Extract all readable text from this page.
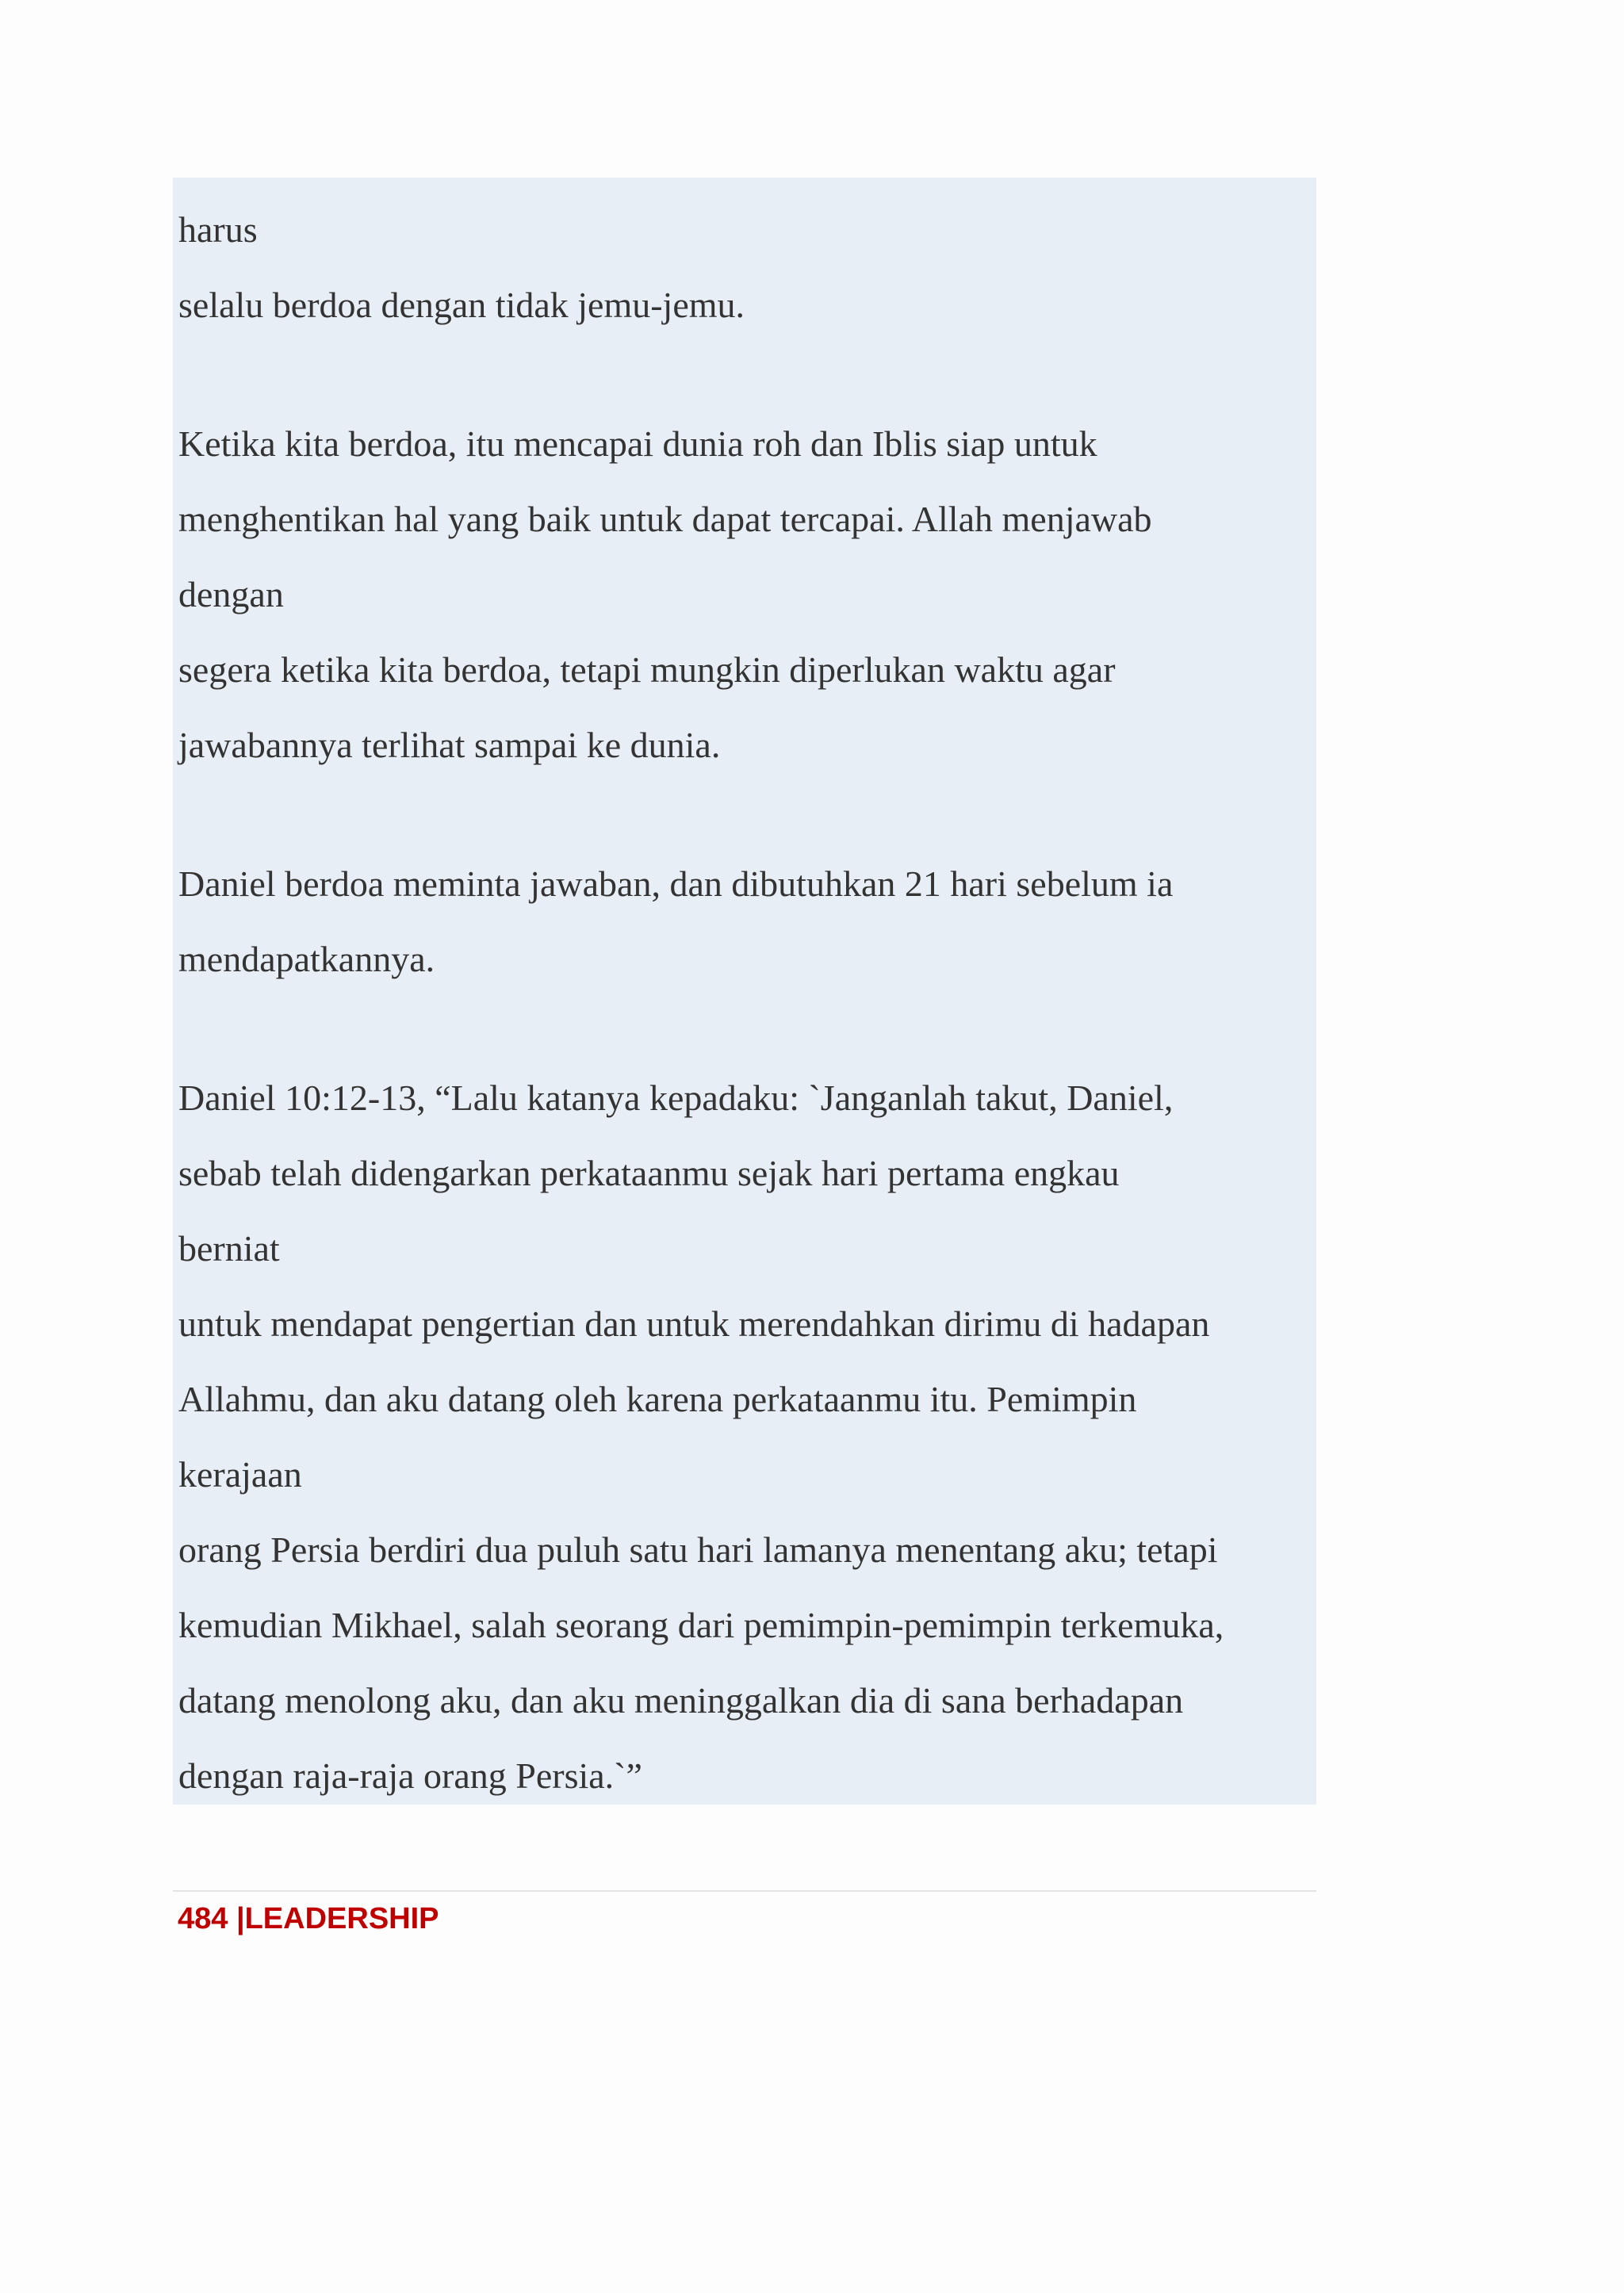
harus

selalu berdoa dengan tidak jemu-jemu.

Ketika kita berdoa, itu mencapai dunia roh dan Iblis siap untuk

menghentikan hal yang baik untuk dapat tercapai. Allah menjawab

dengan

segera ketika kita berdoa, tetapi mungkin diperlukan waktu agar

jawabannya terlihat sampai ke dunia.

Daniel berdoa meminta jawaban, dan dibutuhkan 21 hari sebelum ia

mendapatkannya.

Daniel 10:12-13, “Lalu katanya kepadaku: `Janganlah takut, Daniel,

sebab telah didengarkan perkataanmu sejak hari pertama engkau

berniat

untuk mendapat pengertian dan untuk merendahkan dirimu di hadapan

Allahmu, dan aku datang oleh karena perkataanmu itu. Pemimpin

kerajaan

orang Persia berdiri dua puluh satu hari lamanya menentang aku; tetapi

kemudian Mikhael, salah seorang dari pemimpin-pemimpin terkemuka,

datang menolong aku, dan aku meninggalkan dia di sana berhadapan

dengan raja-raja orang Persia.`”

484 |LEADERSHIP
